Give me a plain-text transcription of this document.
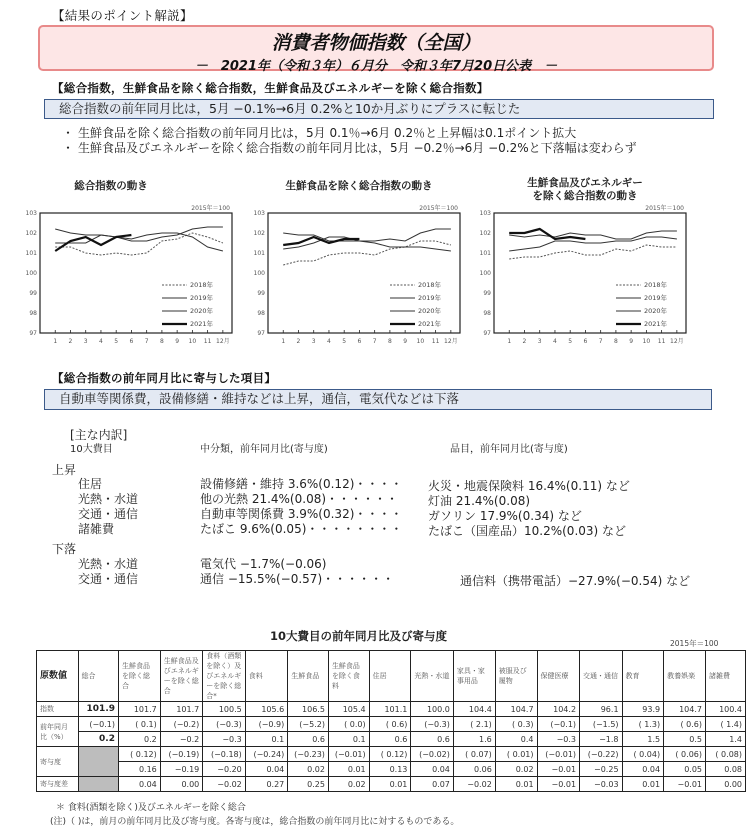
【結果のポイント解説】
消費者物価指数（全国）
－　2021年（令和３年）６月分　令和３年7月20日公表　－
【総合指数，生鮮食品を除く総合指数，生鮮食品及びエネルギーを除く総合指数】
総合指数の前年同月比は，5月 −0.1%→6月 0.2%と10か月ぶりにプラスに転じた
・ 生鮮食品を除く総合指数の前年同月比は，5月 0.1％→6月 0.2％と上昇幅は0.1ポイント拡大
・ 生鮮食品及びエネルギーを除く総合指数の前年同月比は，5月 −0.2％→6月 −0.2%と下落幅は変わらず
総合指数の動き
2015年＝100
97
98
99
100
101
102
103
1 2 3 4 5 6 7 8 9 10 11 12月
2018年
2019年
2020年
2021年
生鮮食品を除く総合指数の動き
2015年＝100
97
98
99
100
101
102
103
1 2 3 4 5 6 7 8 9 10 11 12月
2018年
2019年
2020年
2021年
生鮮食品及びエネルギー
を除く総合指数の動き
2015年＝100
97
98
99
100
101
102
103
1 2 3 4 5 6 7 8 9 10 11 12月
2018年
2019年
2020年
2021年
【総合指数の前年同月比に寄与した項目】
自動車等関係費，設備修繕・維持などは上昇，通信，電気代などは下落
[主な内訳]
10大費目	中分類，前年同月比(寄与度)	品目，前年同月比(寄与度)
上昇
住居	設備修繕・維持 3.6%(0.12)・・・・ 火災・地震保険料 16.4%(0.11) など
光熱・水道	他の光熱 21.4%(0.08)・・・・・・ 灯油 21.4%(0.08)
交通・通信	自動車等関係費 3.9%(0.32)・・・・ ガソリン 17.9%(0.34) など
諸雑費	たばこ 9.6%(0.05)・・・・・・・・ たばこ（国産品）10.2%(0.03) など
下落
光熱・水道	電気代 −1.7%(−0.06)
交通・通信	通信 −15.5%(−0.57)・・・・・・	通信料（携帯電話）−27.9%(−0.54) など
10大費目の前年同月比及び寄与度
2015年＝100
原数値	総合	生鮮食品を除く総合	生鮮食品及びエネルギーを除く総合	食料（酒類を除く）及びエネルギーを除く総合*	食料	生鮮食品	生鮮食品を除く食料	住居	光熱・水道	家具・家事用品	被服及び履物	保健医療	交通・通信	教育	教養娯楽	諸雑費
指数	101.9	101.7	101.7	100.5	105.6	106.5	105.4	101.1	100.0	104.4	104.7	104.2	96.1	93.9	104.7	100.4
前年同月比（%）	(−0.1)	( 0.1)	(−0.2)	(−0.3)	(−0.9)	(−5.2)	( 0.0)	( 0.6)	(−0.3)	( 2.1)	( 0.3)	(−0.1)	(−1.5)	( 1.3)	( 0.6)	( 1.4)
	0.2	0.2	−0.2	−0.3	0.1	0.6	0.1	0.6	0.6	1.6	0.4	−0.3	−1.8	1.5	0.5	1.4
寄与度		( 0.12)	(−0.19)	(−0.18)	(−0.24)	(−0.23)	(−0.01)	( 0.12)	(−0.02)	( 0.07)	( 0.01)	(−0.01)	(−0.22)	( 0.04)	( 0.06)	( 0.08)
		0.16	−0.19	−0.20	0.04	0.02	0.01	0.13	0.04	0.06	0.02	−0.01	−0.25	0.04	0.05	0.08
寄与度差		0.04	0.00	−0.02	0.27	0.25	0.02	0.01	0.07	−0.02	0.01	−0.01	−0.03	0.01	−0.01	0.00
＊ 食料(酒類を除く)及びエネルギーを除く総合
(注)（ )は，前月の前年同月比及び寄与度。各寄与度は，総合指数の前年同月比に対するものである。
